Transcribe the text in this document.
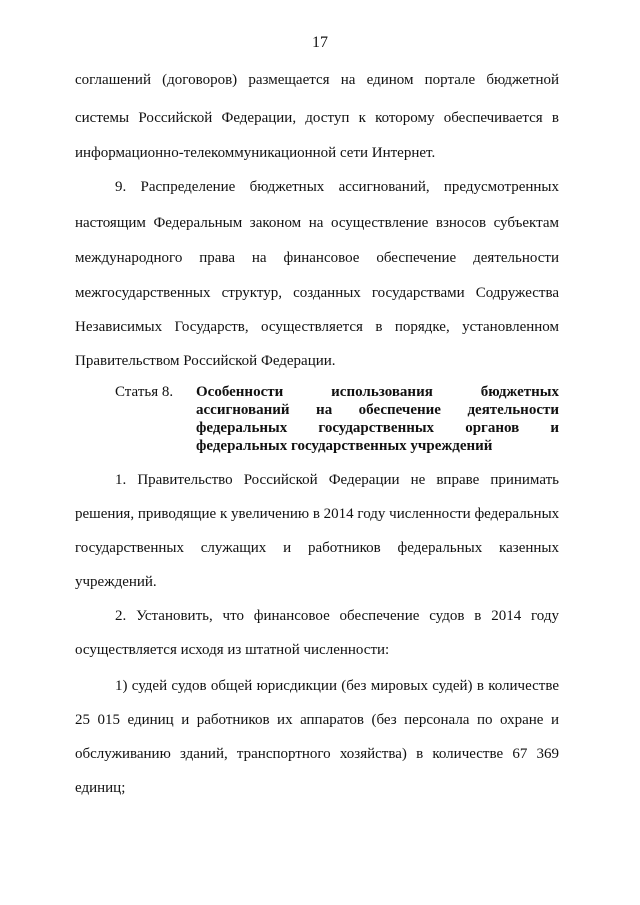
17
соглашений (договоров) размещается на едином портале бюджетной
системы Российской Федерации, доступ к которому обеспечивается в
информационно-телекоммуникационной сети Интернет.
9. Распределение бюджетных ассигнований, предусмотренных
настоящим Федеральным законом на осуществление взносов субъектам
международного права на финансовое обеспечение деятельности
межгосударственных структур, созданных государствами Содружества
Независимых Государств, осуществляется в порядке, установленном
Правительством Российской Федерации.
Статья 8. Особенности использования бюджетных
ассигнований на обеспечение деятельности
федеральных государственных органов и
федеральных государственных учреждений
1. Правительство Российской Федерации не вправе принимать
решения, приводящие к увеличению в 2014 году численности федеральных
государственных служащих и работников федеральных казенных
учреждений.
2. Установить, что финансовое обеспечение судов в 2014 году
осуществляется исходя из штатной численности:
1) судей судов общей юрисдикции (без мировых судей) в количестве
25 015 единиц и работников их аппаратов (без персонала по охране и
обслуживанию зданий, транспортного хозяйства) в количестве 67 369
единиц;
